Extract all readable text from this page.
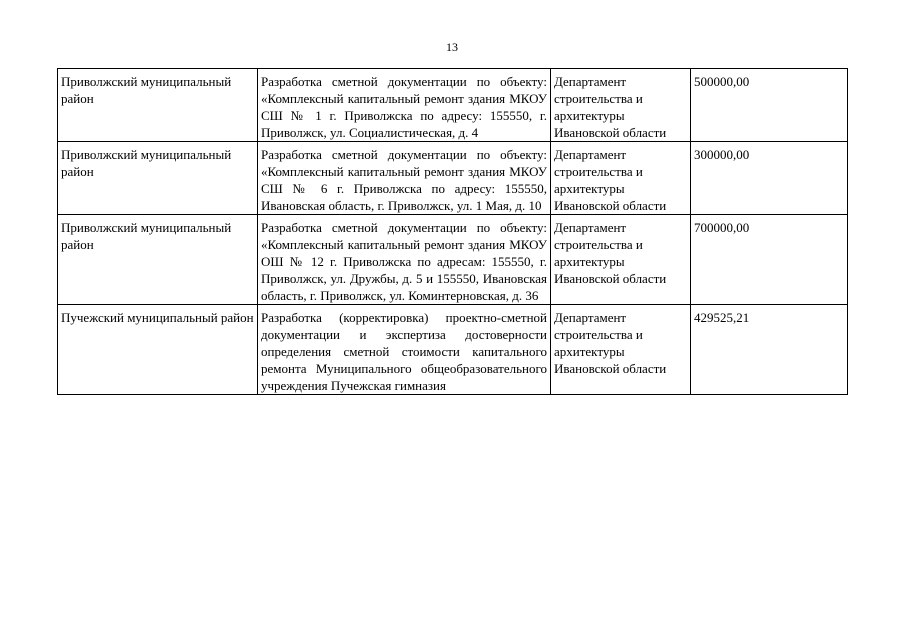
13
Приволжский муниципальный район	Разработка сметной документации по объекту: «Комплексный капитальный ремонт здания МКОУ СШ № 1 г. Приволжска по адресу: 155550, г. Приволжск, ул. Социалистическая, д. 4	Департамент строительства и архитектуры Ивановской области	500000,00
Приволжский муниципальный район	Разработка сметной документации по объекту: «Комплексный капитальный ремонт здания МКОУ СШ № 6 г. Приволжска по адресу: 155550, Ивановская область, г. Приволжск, ул. 1 Мая, д. 10	Департамент строительства и архитектуры Ивановской области	300000,00
Приволжский муниципальный район	Разработка сметной документации по объекту: «Комплексный капитальный ремонт здания МКОУ ОШ № 12 г. Приволжска по адресам: 155550, г. Приволжск, ул. Дружбы, д. 5 и 155550, Ивановская область, г. Приволжск, ул. Коминтерновская, д. 36	Департамент строительства и архитектуры Ивановской области	700000,00
Пучежский муниципальный район	Разработка (корректировка) проектно-сметной документации и экспертиза достоверности определения сметной стоимости капитального ремонта Муниципального общеобразовательного учреждения Пучежская гимназия	Департамент строительства и архитектуры Ивановской области	429525,21
